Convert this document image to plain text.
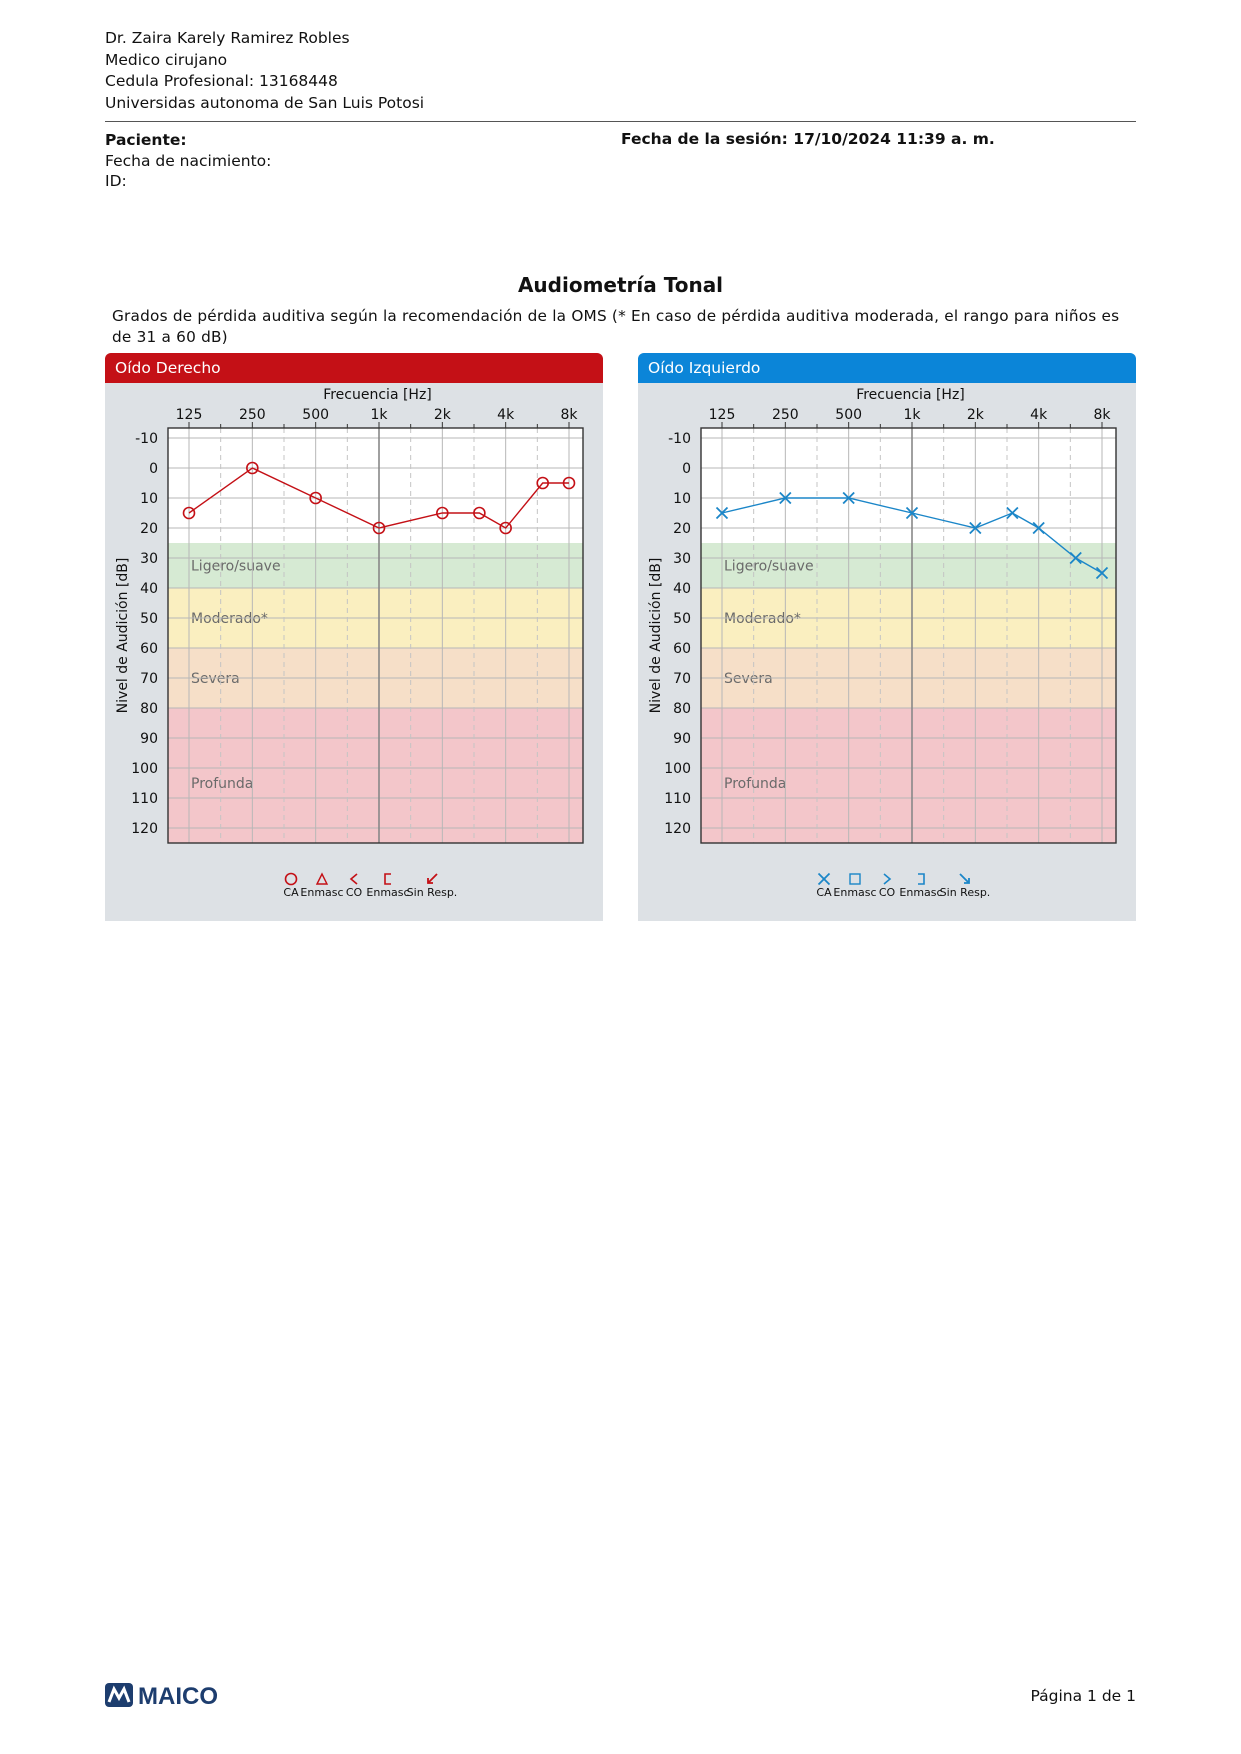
Dr. Zaira Karely Ramirez Robles
Medico cirujano
Cedula Profesional: 13168448
Universidas autonoma de San Luis Potosi
Paciente:
Fecha de nacimiento:
ID:
Fecha de la sesión: 17/10/2024 11:39 a. m.
Audiometría Tonal
Grados de pérdida auditiva según la recomendación de la OMS (* En caso de pérdida auditiva moderada, el rango para niños es de 31 a 60 dB)
Oído Derecho
Ligero/suave
Moderado*
Severa
Profunda
-10
0
10
20
30
40
50
60
70
80
90
100
110
120
125	250	500	1k	2k	4k	8k
Frecuencia [Hz]
Nivel de Audición [dB]
CA Enmasc CO Enmasc
Sin Resp.
Oído Izquierdo
Ligero/suave
Moderado*
Severa
Profunda
-10
0
10
20
30
40
50
60
70
80
90
100
110
120
125	250	500	1k	2k	4k	8k
Frecuencia [Hz]
Nivel de Audición [dB]
CA Enmasc CO Enmasc
Sin Resp.
MAICO	Página 1 de 1
